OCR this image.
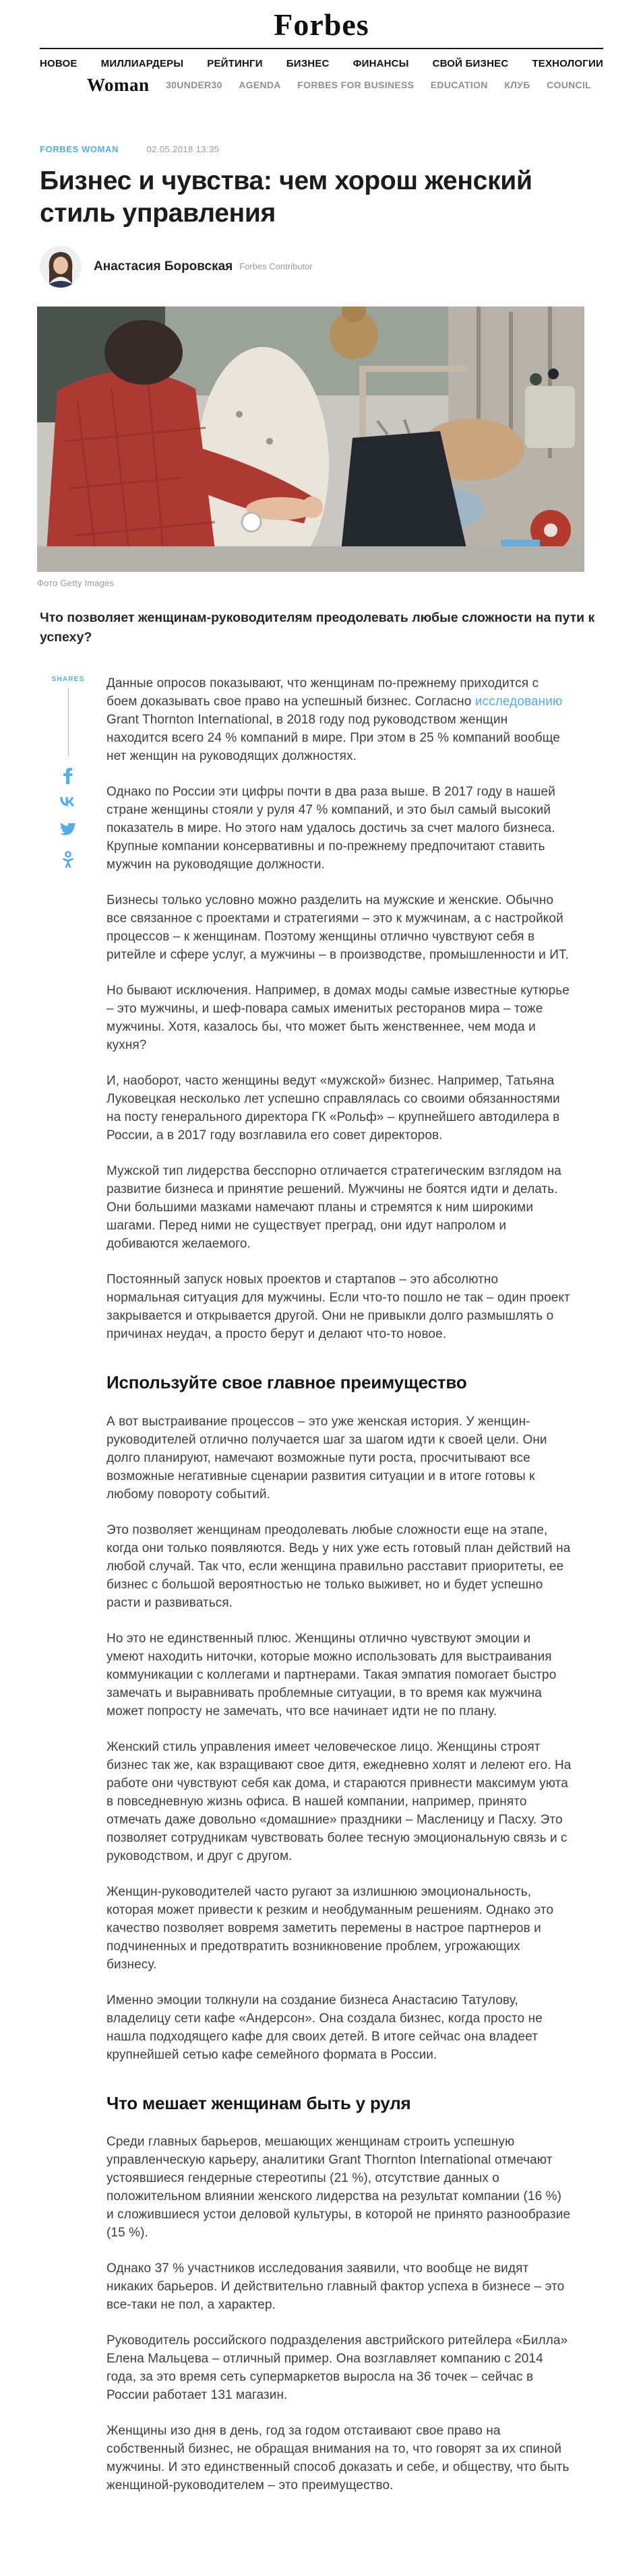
Forbes
НОВОЕ МИЛЛИАРДЕРЫ РЕЙТИНГИ БИЗНЕС ФИНАНСЫ СВОЙ БИЗНЕС ТЕХНОЛОГИИ
Woman 30UNDER30 AGENDA FORBES FOR BUSINESS EDUCATION КЛУБ COUNCIL
FORBES WOMAN	02.05.2018 13:35
Бизнес и чувства: чем хорош женский стиль управления
Анастасия Боровская Forbes Contributor
Фото Getty Images

Что позволяет женщинам-руководителям преодолевать любые сложности на пути к успеху?

SHARES Данные опросов показывают, что женщинам по-прежнему приходится с боем доказывать свое право на успешный бизнес. Согласно исследованию Grant Thornton International, в 2018 году под руководством женщин находится всего 24 % компаний в мире. При этом в 25 % компаний вообще нет женщин на руководящих должностях.

Однако по России эти цифры почти в два раза выше. В 2017 году в нашей стране женщины стояли у руля 47 % компаний, и это был самый высокий показатель в мире. Но этого нам удалось достичь за счет малого бизнеса. Крупные компании консервативны и по-прежнему предпочитают ставить мужчин на руководящие должности.

Бизнесы только условно можно разделить на мужские и женские. Обычно все связанное с проектами и стратегиями – это к мужчинам, а с настройкой процессов – к женщинам. Поэтому женщины отлично чувствуют себя в ритейле и сфере услуг, а мужчины – в производстве, промышленности и ИТ.

Но бывают исключения. Например, в домах моды самые известные кутюрье – это мужчины, и шеф-повара самых именитых ресторанов мира – тоже мужчины. Хотя, казалось бы, что может быть женственнее, чем мода и кухня?

И, наоборот, часто женщины ведут «мужской» бизнес. Например, Татьяна Луковецкая несколько лет успешно справлялась со своими обязанностями на посту генерального директора ГК «Рольф» – крупнейшего автодилера в России, а в 2017 году возглавила его совет директоров.

Мужской тип лидерства бесспорно отличается стратегическим взглядом на развитие бизнеса и принятие решений. Мужчины не боятся идти и делать. Они большими мазками намечают планы и стремятся к ним широкими шагами. Перед ними не существует преград, они идут напролом и добиваются желаемого.

Постоянный запуск новых проектов и стартапов – это абсолютно нормальная ситуация для мужчины. Если что-то пошло не так – один проект закрывается и открывается другой. Они не привыкли долго размышлять о причинах неудач, а просто берут и делают что-то новое.

Используйте свое главное преимущество

А вот выстраивание процессов – это уже женская история. У женщин-руководителей отлично получается шаг за шагом идти к своей цели. Они долго планируют, намечают возможные пути роста, просчитывают все возможные негативные сценарии развития ситуации и в итоге готовы к любому повороту событий.

Это позволяет женщинам преодолевать любые сложности еще на этапе, когда они только появляются. Ведь у них уже есть готовый план действий на любой случай. Так что, если женщина правильно расставит приоритеты, ее бизнес с большой вероятностью не только выживет, но и будет успешно расти и развиваться.

Но это не единственный плюс. Женщины отлично чувствуют эмоции и умеют находить ниточки, которые можно использовать для выстраивания коммуникации с коллегами и партнерами. Такая эмпатия помогает быстро замечать и выравнивать проблемные ситуации, в то время как мужчина может попросту не замечать, что все начинает идти не по плану.

Женский стиль управления имеет человеческое лицо. Женщины строят бизнес так же, как взращивают свое дитя, ежедневно холят и лелеют его. На работе они чувствуют себя как дома, и стараются привнести максимум уюта в повседневную жизнь офиса. В нашей компании, например, принято отмечать даже довольно «домашние» праздники – Масленицу и Пасху. Это позволяет сотрудникам чувствовать более тесную эмоциональную связь и с руководством, и друг с другом.

Женщин-руководителей часто ругают за излишнюю эмоциональность, которая может привести к резким и необдуманным решениям. Однако это качество позволяет вовремя заметить перемены в настрое партнеров и подчиненных и предотвратить возникновение проблем, угрожающих бизнесу.

Именно эмоции толкнули на создание бизнеса Анастасию Татулову, владелицу сети кафе «Андерсон». Она создала бизнес, когда просто не нашла подходящего кафе для своих детей. В итоге сейчас она владеет крупнейшей сетью кафе семейного формата в России.

Что мешает женщинам быть у руля

Среди главных барьеров, мешающих женщинам строить успешную управленческую карьеру, аналитики Grant Thornton International отмечают устоявшиеся гендерные стереотипы (21 %), отсутствие данных о положительном влиянии женского лидерства на результат компании (16 %) и сложившиеся устои деловой культуры, в которой не принято разнообразие (15 %).

Однако 37 % участников исследования заявили, что вообще не видят никаких барьеров. И действительно главный фактор успеха в бизнесе – это все-таки не пол, а характер.

Руководитель российского подразделения австрийского ритейлера «Билла» Елена Мальцева – отличный пример. Она возглавляет компанию с 2014 года, за это время сеть супермаркетов выросла на 36 точек – сейчас в России работает 131 магазин.

Женщины изо дня в день, год за годом отстаивают свое право на собственный бизнес, не обращая внимания на то, что говорят за их спиной мужчины. И это единственный способ доказать и себе, и обществу, что быть женщиной-руководителем – это преимущество.
